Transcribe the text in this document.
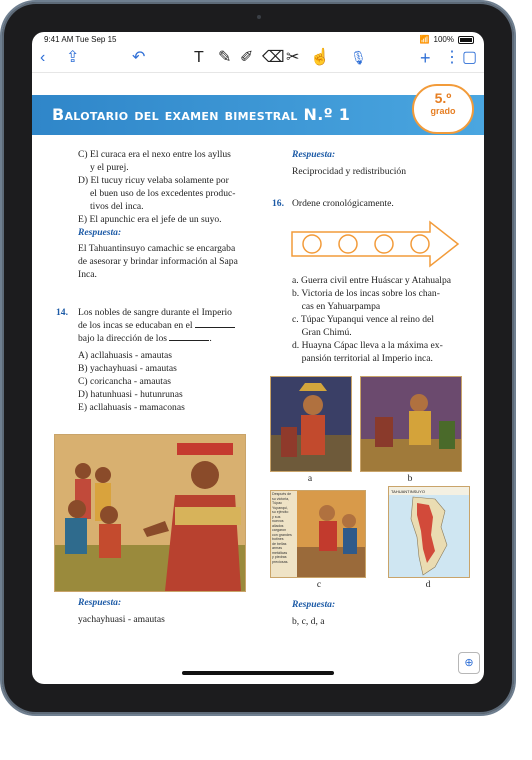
9:41 AM Tue Sep 15	📶 100%
‹ ⇪	↶	T ✎ ✐ ⌫ ✂ ☝ 🎙	+ ⋮ ▢
Balotario del examen bimestral N.º 1
5.º
grado

C) El curaca era el nexo entre los ayllus

y el purej.

D) El tucuy ricuy velaba solamente por

el buen uso de los excedentes produc-

tivos del inca.

E) El apunchic era el jefe de un suyo.

Respuesta:

El Tahuantinsuyo camachic se encargaba

de asesorar y brindar información al Sapa

Inca.

14.	Los nobles de sangre durante el Imperio

de los incas se educaban en el

bajo la dirección de los	.

A) acllahuasis - amautas

B) yachayhuasi - amautas

C) coricancha - amautas

D) hatunhuasi - hutunrunas

E) acllahuasis - mamaconas

Respuesta:

yachayhuasi - amautas

Respuesta:

Reciprocidad y redistribución

16. Ordene cronológicamente.

a. Guerra civil entre Huáscar y Atahualpa

b. Victoria de los incas sobre los chan-

cas en Yahuarpampa

c. Túpac Yupanqui vence al reino del

Gran Chimú.

d. Huayna Cápac lleva a la máxima ex-

pansión territorial al Imperio inca.

a	b
Después de
su victoria,
Túpac
Yupanqui,
su ejército
y sus
nuevos
aliados
cargaron
con grandes
botines
de bellas
armas
metálicas
y piedras
preciosas.
c
TAHUANTINSUYO
d

Respuesta:

b, c, d, a

⊕
